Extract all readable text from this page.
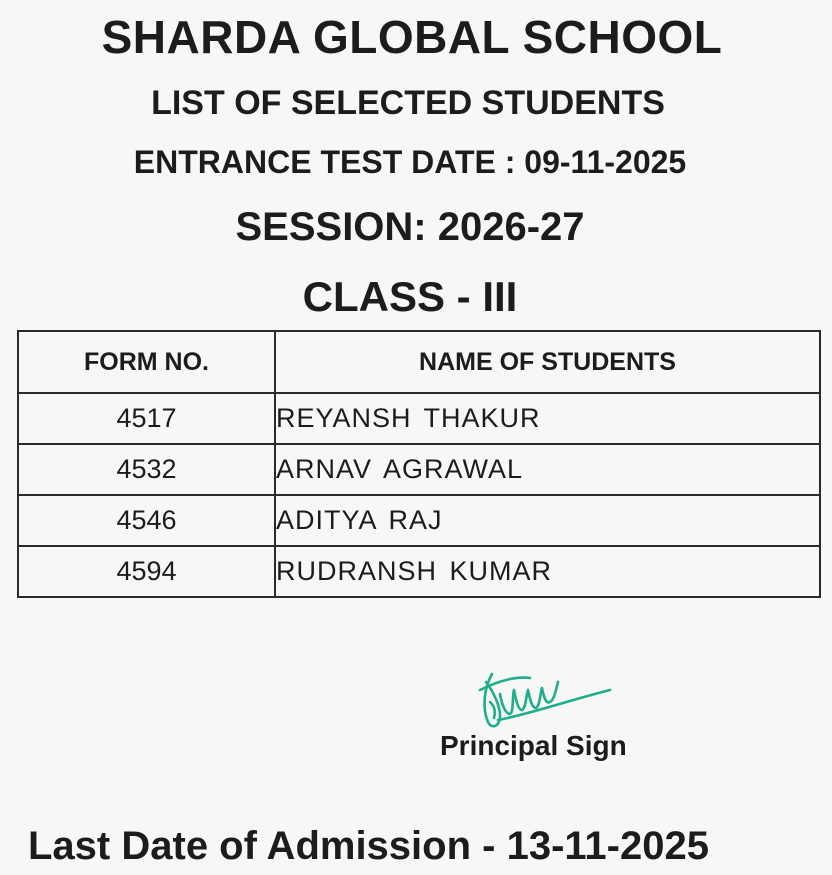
SHARDA GLOBAL SCHOOL
LIST OF SELECTED STUDENTS
ENTRANCE TEST DATE : 09-11-2025
SESSION: 2026-27
CLASS - III
FORM NO.	NAME OF STUDENTS
4517	REYANSH THAKUR
4532	ARNAV AGRAWAL
4546	ADITYA RAJ
4594	RUDRANSH KUMAR
Principal Sign
Last Date of Admission - 13-11-2025
